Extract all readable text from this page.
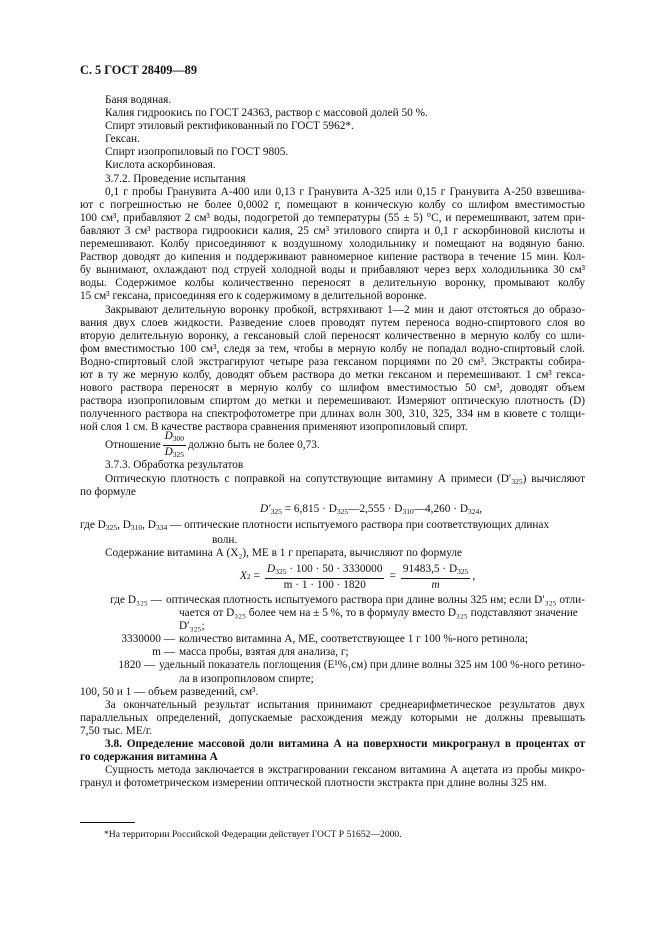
С. 5 ГОСТ 28409—89
Баня водяная.
Калия гидроокись по ГОСТ 24363, раствор с массовой долей 50 %.
Спирт этиловый ректификованный по ГОСТ 5962*.
Гексан.
Спирт изопропиловый по ГОСТ 9805.
Кислота аскорбиновая.
3.7.2. Проведение испытания
0,1 г пробы Гранувита А-400 или 0,13 г Гранувита А-325 или 0,15 г Гранувита А-250 взвешива-
ют с погрешностью не более 0,0002 г, помещают в коническую колбу со шлифом вместимостью
100 см³, прибавляют 2 см³ воды, подогретой до температуры (55 ± 5) °С, и перемешивают, затем при-
бавляют 3 см³ раствора гидроокиси калия, 25 см³ этилового спирта и 0,1 г аскорбиновой кислоты и
перемешивают. Колбу присоединяют к воздушному холодильнику и помещают на водяную баню.
Раствор доводят до кипения и поддерживают равномерное кипение раствора в течение 15 мин. Кол-
бу вынимают, охлаждают под струей холодной воды и прибавляют через верх холодильника 30 см³
воды. Содержимое колбы количественно переносят в делительную воронку, промывают колбу
15 см³ гексана, присоединяя его к содержимому в делительной воронке.
Закрывают делительную воронку пробкой, встряхивают 1—2 мин и дают отстояться до образо-
вания двух слоев жидкости. Разведение слоев проводят путем переноса водно-спиртового слоя во
вторую делительную воронку, а гексановый слой переносят количественно в мерную колбу со шли-
фом вместимостью 100 см³, следя за тем, чтобы в мерную колбу не попадал водно-спиртовый слой.
Водно-спиртовый слой экстрагируют четыре раза гексаном порциями по 20 см³. Экстракты собира-
ют в ту же мерную колбу, доводят объем раствора до метки гексаном и перемешивают. 1 см³ гекса-
нового раствора переносят в мерную колбу со шлифом вместимостью 50 см³, доводят объем
раствора изопропиловым спиртом до метки и перемешивают. Измеряют оптическую плотность (D)
полученного раствора на спектрофотометре при длинах волн 300, 310, 325, 334 нм в кювете с толщи-
ной слоя 1 см. В качестве раствора сравнения применяют изопропиловый спирт.
Отношение $\frac{D_{300}}{D_{325}}$ должно быть не более 0,73.
3.7.3. Обработка результатов
Оптическую плотность с поправкой на сопутствующие витамину А примеси $(D'_{325})$ вычисляют
по формуле
$D'_{325} = 6,815$ · $D_{325}—2,555$ · $D_{310}—4,260 \cdot D_{324}$,
где $D_{325}$, $D_{310}$, $D_{334}$ — оптические плотности испытуемого раствора при соответствующих длинах
волн.
Содержание витамина А (X₂), МЕ в 1 г препарата, вычисляют по формуле
X $2 = \frac{D_{325} \cdot 100 \cdot 50 \cdot 3330000}{m \cdot 1 \cdot 100 \cdot 1820} = \frac{91483,5 \cdot D_{325}}{m}$ ,
где D₃₂₅ — оптическая плотность испытуемого раствора при длине волны 325 нм; если D′₃₂₅ отли-
чается от D₃₂₅ более чем на ± 5 %, то в формулу вместо D₃₂₅ подставляют значение
D′₃₂₅;
3330000 — количество витамина А, МЕ, соответствующее 1 г 100 %-ного ретинола;
m — масса пробы, взятая для анализа, г;
1820 — удельный показатель поглощения (E¹%₁см) при длине волны 325 нм 100 %-ного ретино-
ла в изопропиловом спирте;
100, 50 и 1 — объем разведений, см³.
За окончательный результат испытания принимают среднеарифметическое результатов двух
параллельных определений, допускаемые расхождения между которыми не должны превышать
7,50 тыс. МЕ/г.
3.8. Определение массовой доли витамина А на поверхности микрогранул в процентах от
го содержания витамина А
Сущность метода заключается в экстрагировании гексаном витамина А ацетата из пробы микро-
гранул и фотометрическом измерении оптической плотности экстракта при длине волны 325 нм.
*На территории Российской Федерации действует ГОСТ Р 51652—2000.
